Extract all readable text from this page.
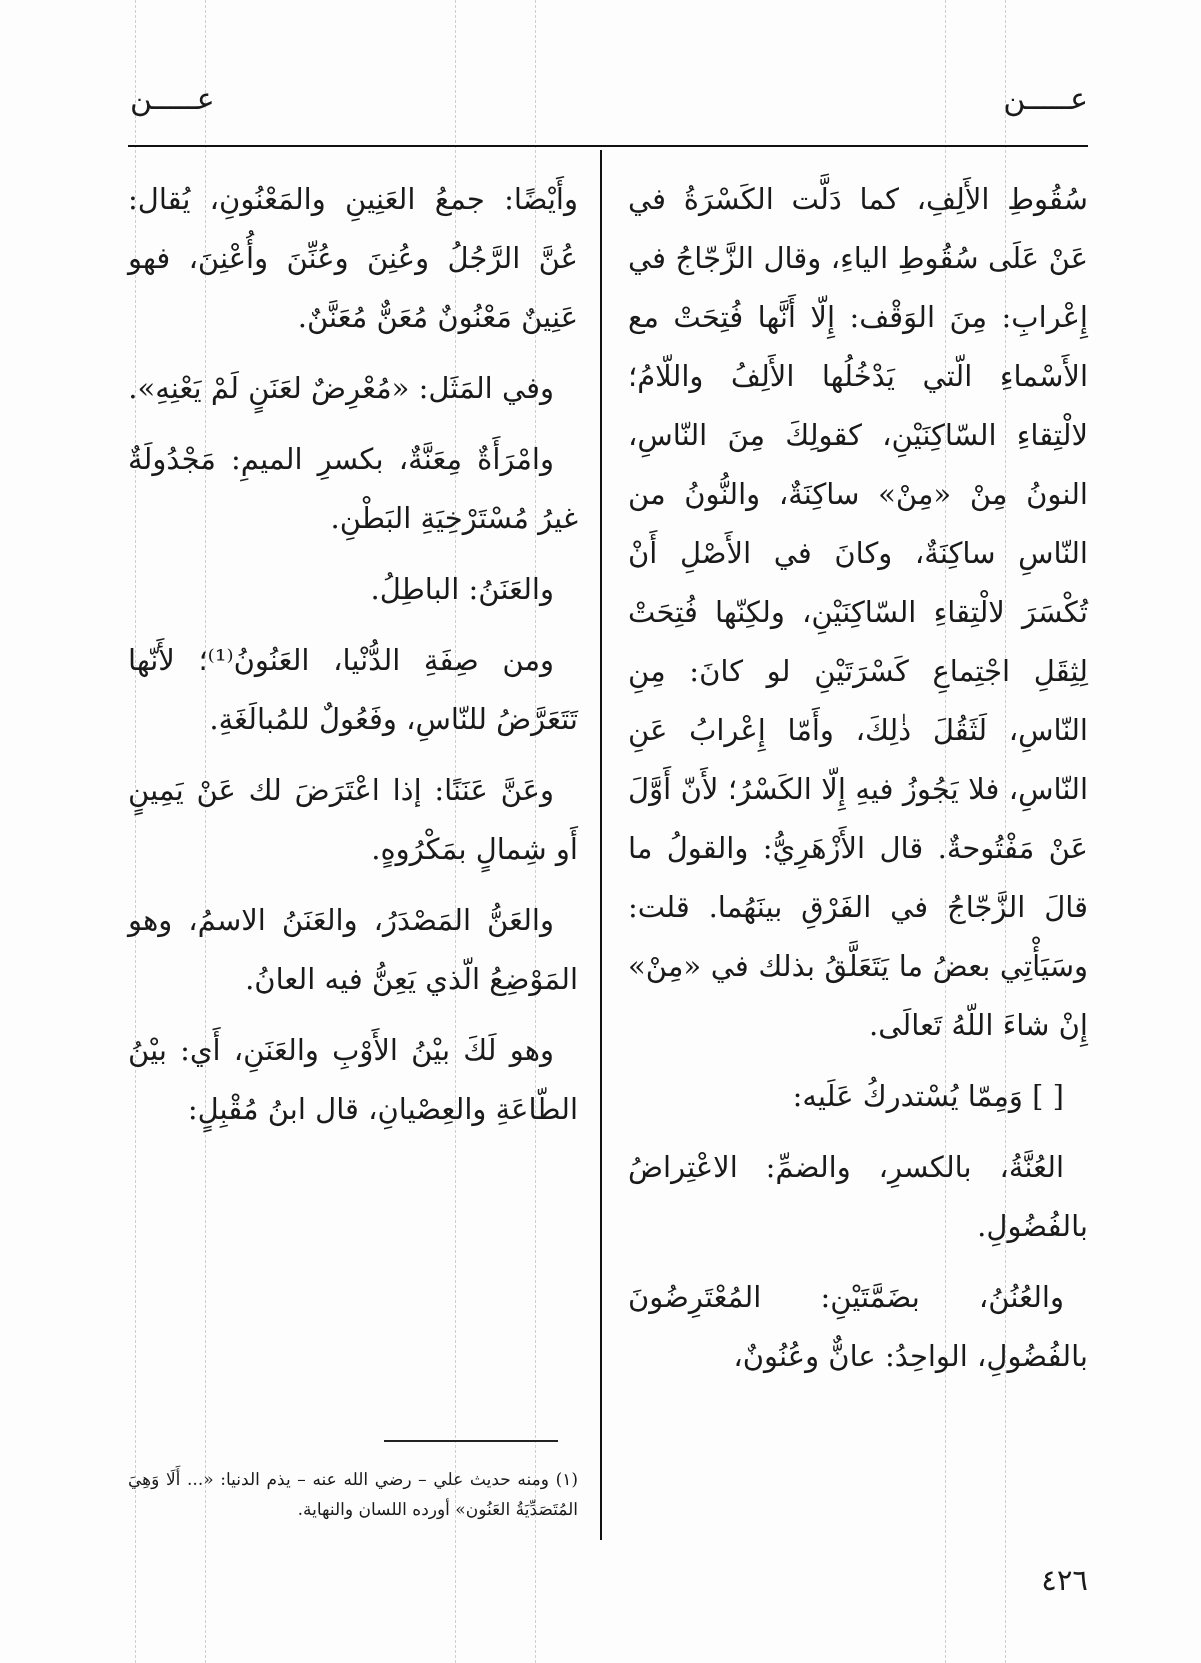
عـــــن
عـــــن

سُقُوطِ الأَلِفِ، كما دَلَّت الكَسْرَةُ في عَنْ عَلَى سُقُوطِ الياءِ، وقال الزَّجّاجُ في إِعْرابِ: مِنَ الوَقْف: إِلّا أَنَّها فُتِحَتْ مع الأَسْماءِ الّتي يَدْخُلُها الأَلِفُ واللّامُ؛ لالْتِقاءِ السّاكِنَيْنِ، كقولِكَ مِنَ النّاسِ، النونُ مِنْ «مِنْ» ساكِنَةٌ، والنُّونُ من النّاسِ ساكِنَةٌ، وكانَ في الأَصْلِ أَنْ تُكْسَرَ لالْتِقاءِ السّاكِنَيْنِ، ولكِنّها فُتِحَتْ لِثِقَلِ اجْتِماعِ كَسْرَتَيْنِ لو كانَ: مِنِ النّاسِ، لَثَقُلَ ذٰلِكَ، وأَمّا إِعْرابُ عَنِ النّاسِ، فلا يَجُوزُ فيهِ إِلّا الكَسْرُ؛ لأَنّ أَوَّلَ عَنْ مَفْتُوحةٌ. قال الأَزْهَرِيُّ: والقولُ ما قالَ الزَّجّاجُ في الفَرْقِ بينَهُما. قلت: وسَيَأْتِي بعضُ ما يَتَعَلَّقُ بذلك في «مِنْ» إِنْ شاءَ اللّهُ تَعالَى.

[ ] وَمِمّا يُسْتدركُ عَلَيه:

العُنَّةُ، بالكسرِ، والضمِّ: الاعْتِراضُ بالفُضُولِ.

والعُنُنُ، بضَمَّتَيْنِ: المُعْتَرِضُونَ بالفُضُولِ، الواحِدُ: عانٌّ وعُنُونٌ،

وأَيْضًا: جمعُ العَنِينِ والمَعْنُونِ، يُقال: عُنَّ الرَّجُلُ وعُنِنَ وعُنِّنَ وأُعْنِنَ، فهو عَنِينٌ مَعْنُونٌ مُعَنٌّ مُعَنَّنٌ.

وفي المَثَل: «مُعْرِضٌ لعَنَنٍ لَمْ يَعْنِهِ».

وامْرَأَةٌ مِعَنَّةٌ، بكسرِ الميمِ: مَجْدُولَةٌ غيرُ مُسْتَرْخِيَةِ البَطْنِ.

والعَنَنُ: الباطِلُ.

ومن صِفَةِ الدُّنْيا، العَنُونُ⁽¹⁾؛ لأَنّها تَتَعَرَّضُ للنّاسِ، وفَعُولٌ للمُبالَغَةِ.

وعَنَّ عَنَنًا: إذا اعْتَرَضَ لك عَنْ يَمِينٍ أَو شِمالٍ بمَكْرُوهٍ.

والعَنُّ المَصْدَرُ، والعَنَنُ الاسمُ، وهو المَوْضِعُ الّذي يَعِنُّ فيه العانُ.

وهو لَكَ بيْنُ الأَوْبِ والعَنَنِ، أَي: بيْنُ الطّاعَةِ والعِصْيانِ، قال ابنُ مُقْبِلٍ:

(١) ومنه حديث علي – رضي الله عنه – يذم الدنيا: «... أَلَا وَهِيَ المُتَصَدِّيَةُ العَنُون» أورده اللسان والنهاية.
٤٢٦
